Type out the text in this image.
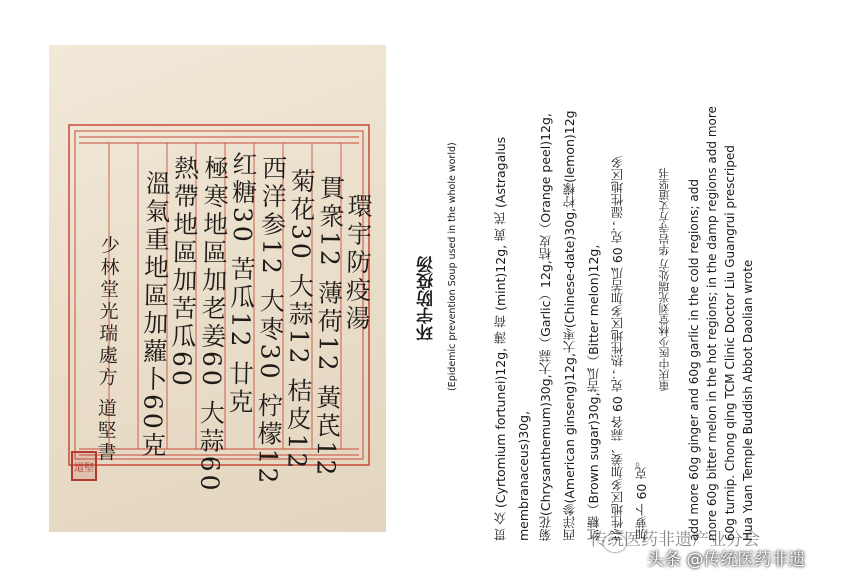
環宇防疫湯
貫衆12 薄荷12 黃芪12
菊花30 大蒜12 桔皮12
西洋参12 大枣30 柠檬12
红糖30 苦瓜12 廿克
極寒地區加老姜60 大蒜60
熱帶地區加苦瓜60
溫氣重地區加蘿卜60克
少林堂光瑞處方 道堅書
道堅
环宇防疫汤 (Epidemic prevention Soup used in the whole world)	贯 众 (Cyrtomium fortunei)12g, 薄 荷 (mint)12g, 黄 芪 (Astragalus membranaceus)30g, 菊花(Chrysanthemum)30g,大蒜（Garlic）12g,桔皮（Orange peel)12g, 西洋参(American ginseng)12g,大枣(Chinese-date)30g,柠檬(lemon)12g 红糖（Brown sugar)30g,苦瓜（Bitter melon)12g, 寒性地区多加姜、蒜各 60 克；热性地区多加苦瓜 60 克；湿性地区多 加萝卜 60 克。
重庆中医少林堂刘光瑞处方 华岩寺方丈道坚书 add more 60g ginger and 60g garlic in the cold regions; add more 60g bitter melon in the hot regions; in the damp regions add more 60g turnip. Chong qing TCM Clinic Doctor Liu Guangrui prescriped Hua Yuan Temple Buddish Abbot Daolian wrote
传统医药非遗产业分会
头条 @传统医药非遗
